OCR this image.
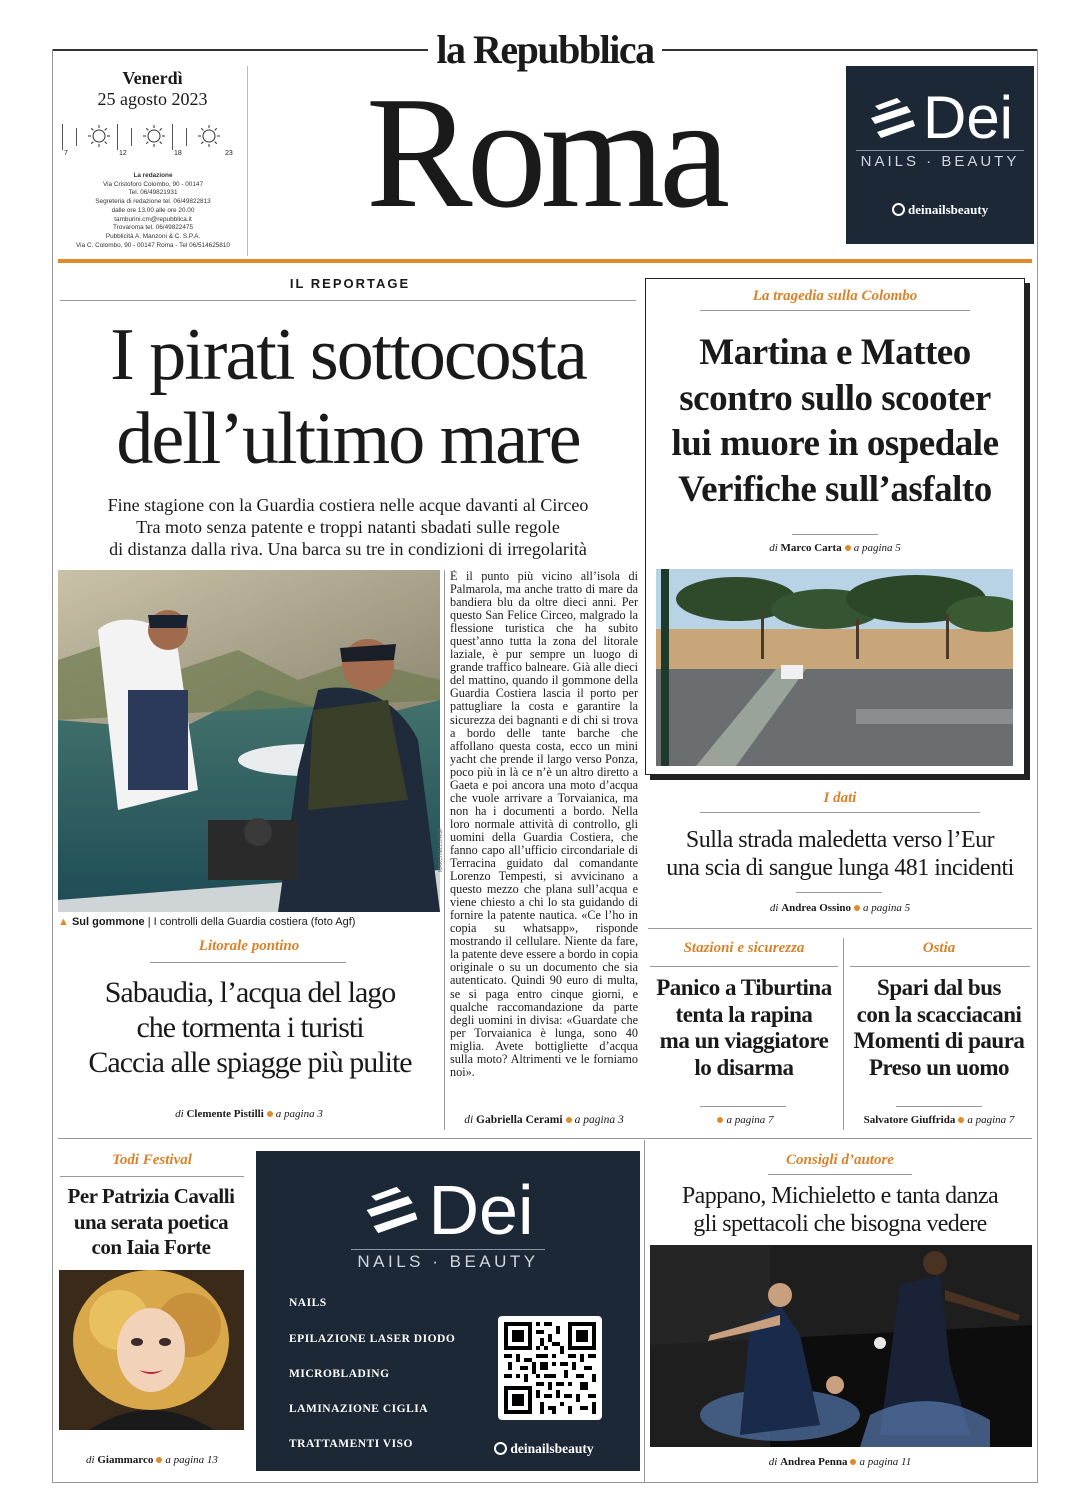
la Repubblica
Roma
Venerdì
25 agosto 2023
7	12	18	23
La redazione
Via Cristoforo Colombo, 90 - 00147
Tel. 06/49821931
Segreteria di redazione tel. 06/49822813
dalle ore 13.00 alle ore 20.00
tamburini.cm@repubblica.it
Trovaroma tel. 06/49822475
Pubblicità A. Manzoni & C. S.P.A.
Via C. Colombo, 90 - 00147 Roma - Tel 06/514625810
Dei
NAILS · BEAUTY
deinailsbeauty
IL REPORTAGE
I pirati sottocosta
dell’ultimo mare
Fine stagione con la Guardia costiera nelle acque davanti al Circeo
Tra moto senza patente e troppi natanti sbadati sulle regole
di distanza dalla riva. Una barca su tre in condizioni di irregolarità
MARCHIELLO/AGF
▲ Sul gommone | I controlli della Guardia costiera (foto Agf)
È il punto più vicino all’isola di Palmarola, ma anche tratto di mare da bandiera blu da oltre dieci anni. Per questo San Felice Circeo, malgrado la flessione turistica che ha subito quest’anno tutta la zona del litorale laziale, è pur sempre un luogo di grande traffico balneare. Già alle dieci del mattino, quando il gommone della Guardia Costiera lascia il porto per pattugliare la costa e garantire la sicurezza dei bagnanti e di chi si trova a bordo delle tante barche che affollano questa costa, ecco un mini yacht che prende il largo verso Ponza, poco più in là ce n’è un altro diretto a Gaeta e poi ancora una moto d’acqua che vuole arrivare a Torvaianica, ma non ha i documenti a bordo. Nella loro normale attività di controllo, gli uomini della Guardia Costiera, che fanno capo all’ufficio circondariale di Terracina guidato dal comandante Lorenzo Tempesti, si avvicinano a questo mezzo che plana sull’acqua e viene chiesto a chi lo sta guidando di fornire la patente nautica. «Ce l’ho in copia su whatsapp», risponde mostrando il cellulare. Niente da fare, la patente deve essere a bordo in copia originale o su un documento che sia autenticato. Quindi 90 euro di multa, se si paga entro cinque giorni, e qualche raccomandazione da parte degli uomini in divisa: «Guardate che per Torvaianica è lunga, sono 40 miglia. Avete bottigliette d’acqua sulla moto? Altrimenti ve le forniamo noi».
di Gabriella Cerami a pagina 3
La tragedia sulla Colombo
Martina e Matteo
scontro sullo scooter
lui muore in ospedale
Verifiche sull’asfalto
di Marco Carta a pagina 5
I dati
Sulla strada maledetta verso l’Eur
una scia di sangue lunga 481 incidenti
di Andrea Ossino a pagina 5
Stazioni e sicurezza
Panico a Tiburtina
tenta la rapina
ma un viaggiatore
lo disarma
a pagina 7
Ostia
Spari dal bus
con la scacciacani
Momenti di paura
Preso un uomo
Salvatore Giuffrida a pagina 7
Litorale pontino
Sabaudia, l’acqua del lago
che tormenta i turisti
Caccia alle spiagge più pulite
di Clemente Pistilli a pagina 3
Todi Festival
Per Patrizia Cavalli
una serata poetica
con Iaia Forte
di Giammarco a pagina 13
Dei
NAILS · BEAUTY
NAILS
EPILAZIONE LASER DIODO
MICROBLADING
LAMINAZIONE CIGLIA
TRATTAMENTI VISO	deinailsbeauty
Consigli d’autore
Pappano, Michieletto e tanta danza
gli spettacoli che bisogna vedere
di Andrea Penna a pagina 11
